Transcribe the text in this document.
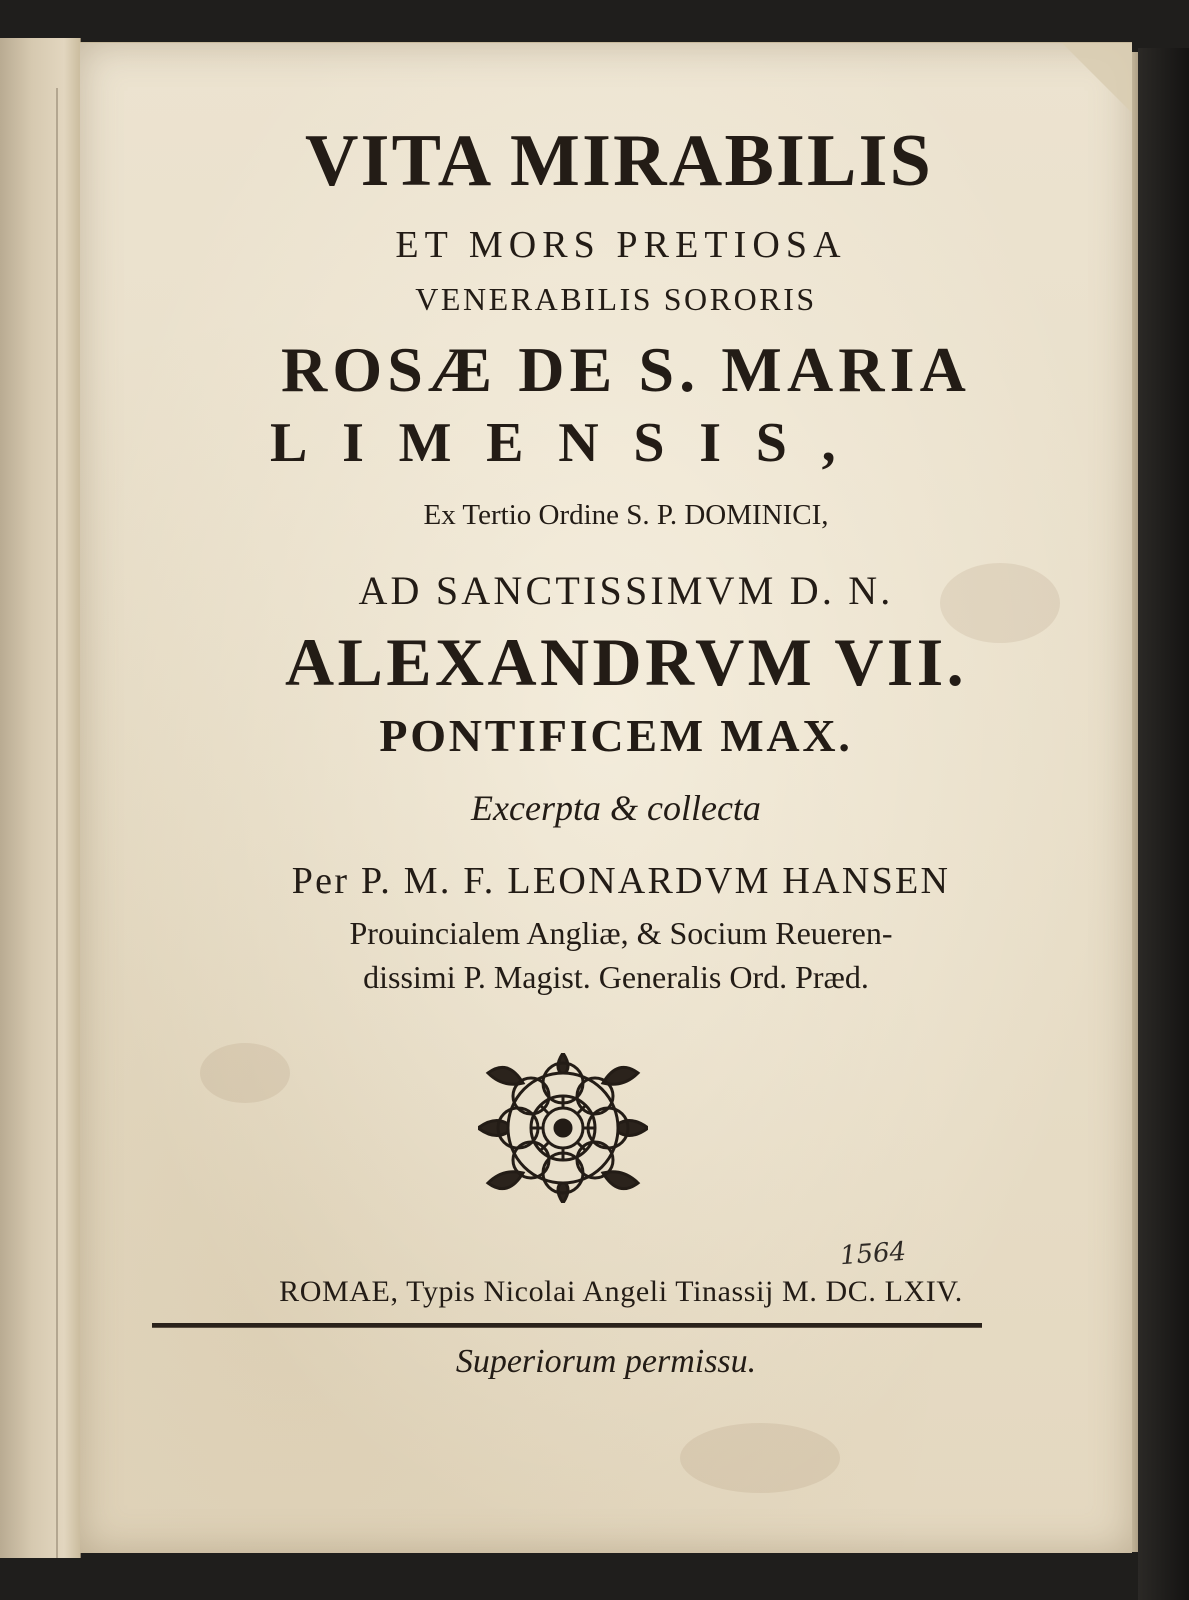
VITA MIRABILIS
ET MORS PRETIOSA
VENERABILIS SORORIS
ROSÆ DE S. MARIA
LIMENSIS,
Ex Tertio Ordine S. P. DOMINICI,
AD SANCTISSIMVM D. N.
ALEXANDRVM VII.
PONTIFICEM MAX.
Excerpta & collecta
Per P. M. F. LEONARDVM HANSEN
Prouincialem Angliæ, & Socium Reueren-
dissimi P. Magist. Generalis Ord. Præd.
1564
ROMAE, Typis Nicolai Angeli Tinassij M. DC. LXIV.
Superiorum permissu.
